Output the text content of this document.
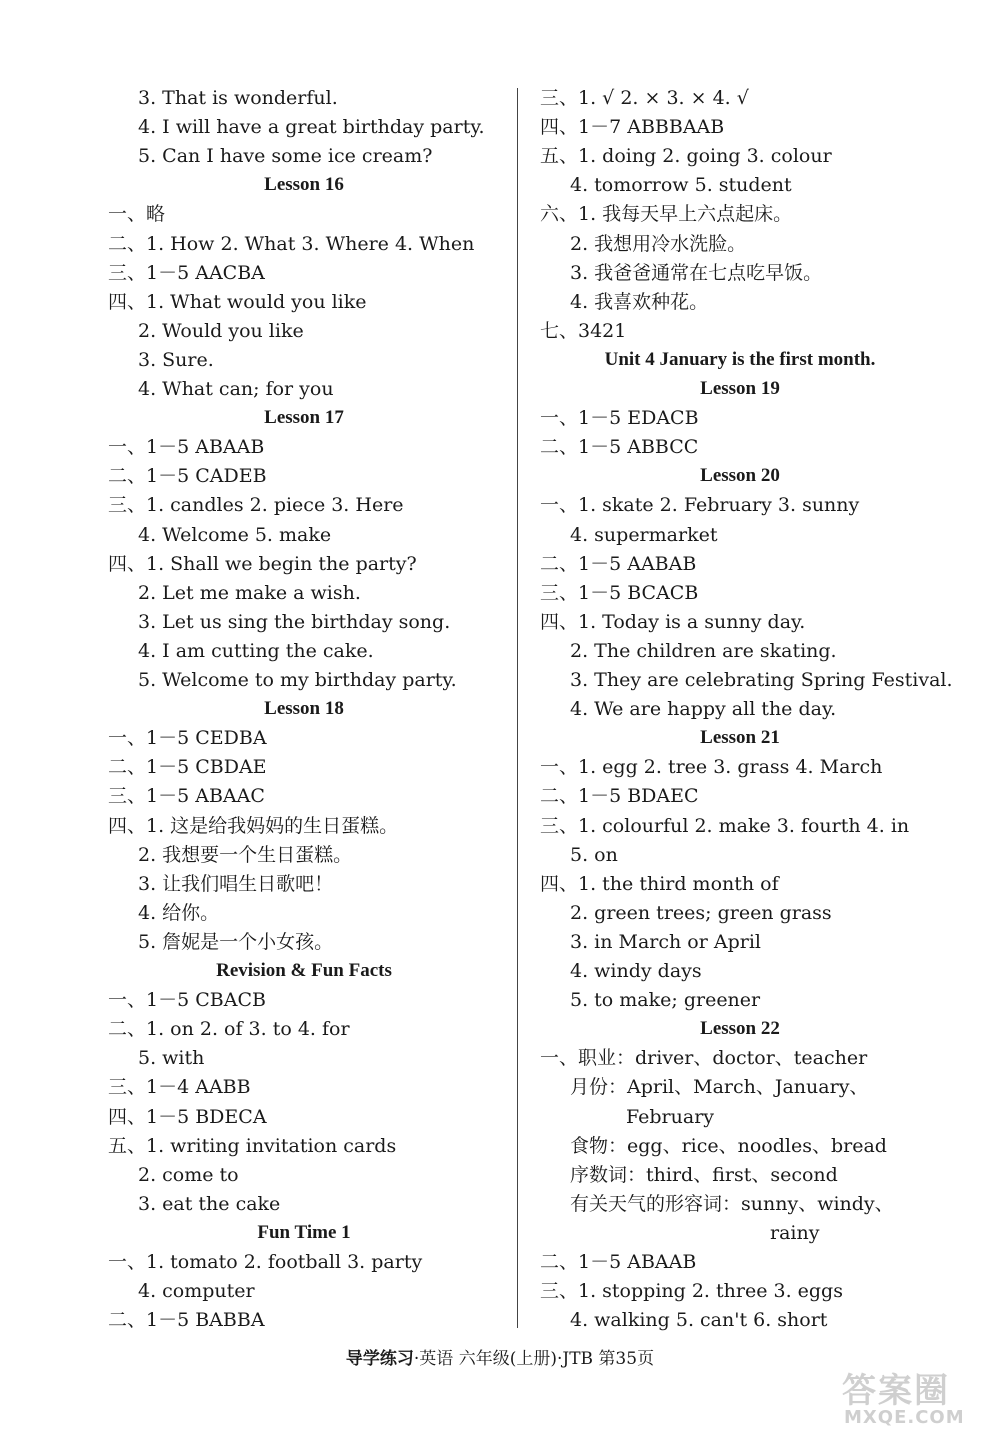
3. That is wonderful.
4. I will have a great birthday party.
5. Can I have some ice cream?
Lesson 16
一、略
二、1. How 2. What 3. Where 4. When
三、1－5 AACBA
四、1. What would you like
2. Would you like
3. Sure.
4. What can; for you
Lesson 17
一、1－5 ABAAB
二、1－5 CADEB
三、1. candles 2. piece 3. Here
4. Welcome 5. make
四、1. Shall we begin the party?
2. Let me make a wish.
3. Let us sing the birthday song.
4. I am cutting the cake.
5. Welcome to my birthday party.
Lesson 18
一、1－5 CEDBA
二、1－5 CBDAE
三、1－5 ABAAC
四、1. 这是给我妈妈的生日蛋糕。
2. 我想要一个生日蛋糕。
3. 让我们唱生日歌吧！
4. 给你。
5. 詹妮是一个小女孩。
Revision & Fun Facts
一、1－5 CBACB
二、1. on 2. of 3. to 4. for
5. with
三、1－4 AABB
四、1－5 BDECA
五、1. writing invitation cards
2. come to
3. eat the cake
Fun Time 1
一、1. tomato 2. football 3. party
4. computer
二、1－5 BABBA
三、1. √ 2. × 3. × 4. √
四、1－7 ABBBAAB
五、1. doing 2. going 3. colour
4. tomorrow 5. student
六、1. 我每天早上六点起床。
2. 我想用冷水洗脸。
3. 我爸爸通常在七点吃早饭。
4. 我喜欢种花。
七、3421
Unit 4 January is the first month.
Lesson 19
一、1－5 EDACB
二、1－5 ABBCC
Lesson 20
一、1. skate 2. February 3. sunny
4. supermarket
二、1－5 AABAB
三、1－5 BCACB
四、1. Today is a sunny day.
2. The children are skating.
3. They are celebrating Spring Festival.
4. We are happy all the day.
Lesson 21
一、1. egg 2. tree 3. grass 4. March
二、1－5 BDAEC
三、1. colourful 2. make 3. fourth 4. in
5. on
四、1. the third month of
2. green trees; green grass
3. in March or April
4. windy days
5. to make; greener
Lesson 22
一、职业：driver、doctor、teacher
月份：April、March、January、
February
食物：egg、rice、noodles、bread
序数词：third、first、second
有关天气的形容词：sunny、windy、
rainy
二、1－5 ABAAB
三、1. stopping 2. three 3. eggs
4. walking 5. can't 6. short
导学练习·英语 六年级(上册)·JTB 第35页
答案圈
MXQE.COM
